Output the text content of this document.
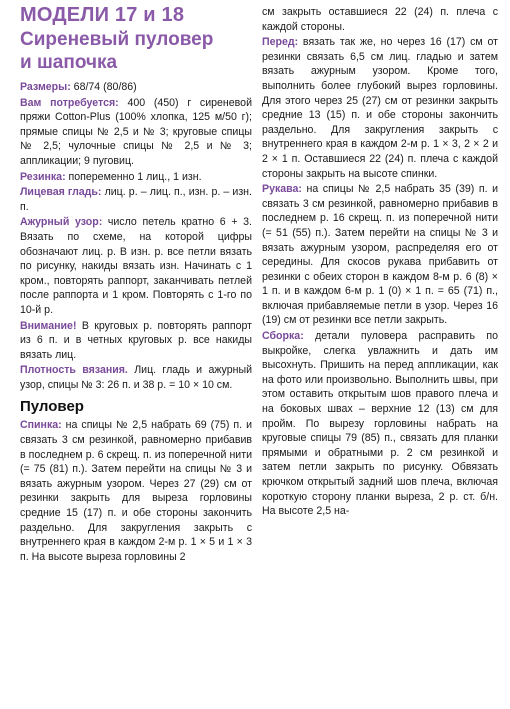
МОДЕЛИ 17 и 18
Сиреневый пуловер
и шапочка

Размеры: 68/74 (80/86)

Вам потребуется: 400 (450) г сиреневой пряжи Cotton-Plus (100% хлопка, 125 м/50 г); прямые спицы № 2,5 и № 3; круговые спицы № 2,5; чулочные спицы № 2,5 и № 3; аппликации; 9 пуговиц.

Резинка: попеременно 1 лиц., 1 изн.

Лицевая гладь: лиц. р. – лиц. п., изн. р. – изн. п.

Ажурный узор: число петель кратно 6 + 3. Вязать по схеме, на которой цифры обозначают лиц. р. В изн. р. все петли вязать по рисунку, накиды вязать изн. Начинать с 1 кром., повторять раппорт, заканчивать петлей после раппорта и 1 кром. Повторять с 1-го по 10-й р.

Внимание! В круговых р. повторять раппорт из 6 п. и в четных круговых р. все накиды вязать лиц.

Плотность вязания. Лиц. гладь и ажурный узор, спицы № 3: 26 п. и 38 р. = 10 × 10 см.

Пуловер

Спинка: на спицы № 2,5 набрать 69 (75) п. и связать 3 см резинкой, равномерно прибавив в последнем р. 6 скрещ. п. из поперечной нити (= 75 (81) п.). Затем перейти на спицы № 3 и вязать ажурным узором. Через 27 (29) см от резинки закрыть для выреза горловины средние 15 (17) п. и обе стороны закончить раздельно. Для закругления закрыть с внутреннего края в каждом 2-м р. 1 × 5 и 1 × 3 п. На высоте выреза горловины 2

см закрыть оставшиеся 22 (24) п. плеча с каждой стороны.

Перед: вязать так же, но через 16 (17) см от резинки связать 6,5 см лиц. гладью и затем вязать ажурным узором. Кроме того, выполнить более глубокий вырез горловины. Для этого через 25 (27) см от резинки закрыть средние 13 (15) п. и обе стороны закончить раздельно. Для закругления закрыть с внутреннего края в каждом 2-м р. 1 × 3, 2 × 2 и 2 × 1 п. Оставшиеся 22 (24) п. плеча с каждой стороны закрыть на высоте спинки.

Рукава: на спицы № 2,5 набрать 35 (39) п. и связать 3 см резинкой, равномерно прибавив в последнем р. 16 скрещ. п. из поперечной нити (= 51 (55) п.). Затем перейти на спицы № 3 и вязать ажурным узором, распределяя его от середины. Для скосов рукава прибавить от резинки с обеих сторон в каждом 8-м р. 6 (8) × 1 п. и в каждом 6-м р. 1 (0) × 1 п. = 65 (71) п., включая прибавляемые петли в узор. Через 16 (19) см от резинки все петли закрыть.

Сборка: детали пуловера расправить по выкройке, слегка увлажнить и дать им высохнуть. Пришить на перед аппликации, как на фото или произвольно. Выполнить швы, при этом оставить открытым шов правого плеча и на боковых швах – верхние 12 (13) см для пройм. По вырезу горловины набрать на круговые спицы 79 (85) п., связать для планки прямыми и обратными р. 2 см резинкой и затем петли закрыть по рисунку. Обвязать крючком открытый задний шов плеча, включая короткую сторону планки вырезa, 2 р. ст. б/н. На высоте 2,5 на-
